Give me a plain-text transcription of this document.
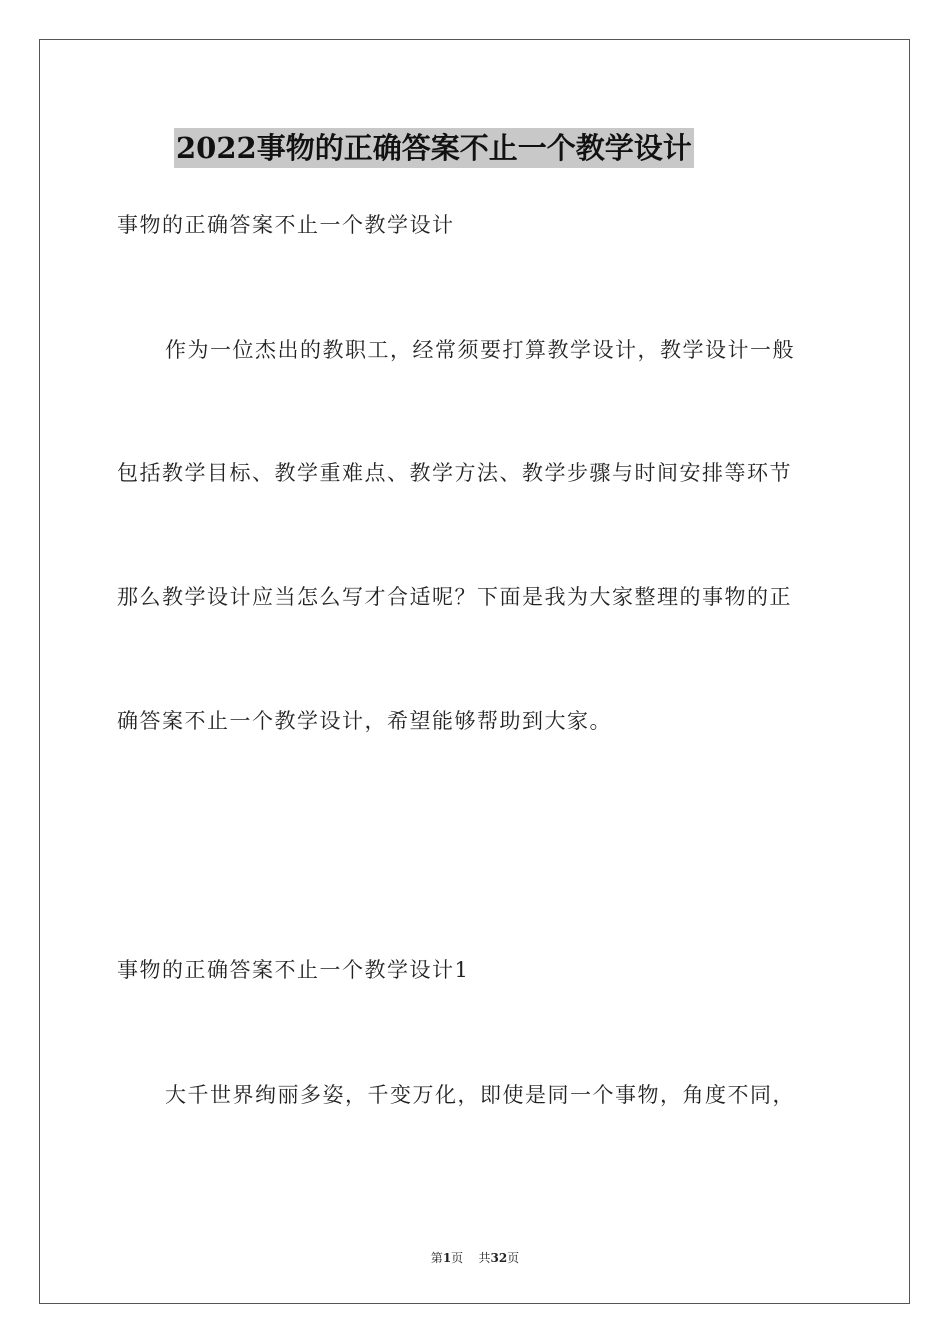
2022事物的正确答案不止一个教学设计
事物的正确答案不止一个教学设计
作为一位杰出的教职工，经常须要打算教学设计，教学设计一般
包括教学目标、教学重难点、教学方法、教学步骤与时间安排等环节
那么教学设计应当怎么写才合适呢？下面是我为大家整理的事物的正
确答案不止一个教学设计，希望能够帮助到大家。
事物的正确答案不止一个教学设计1
大千世界绚丽多姿，千变万化，即使是同一个事物，角度不同，
第1页 共32页
